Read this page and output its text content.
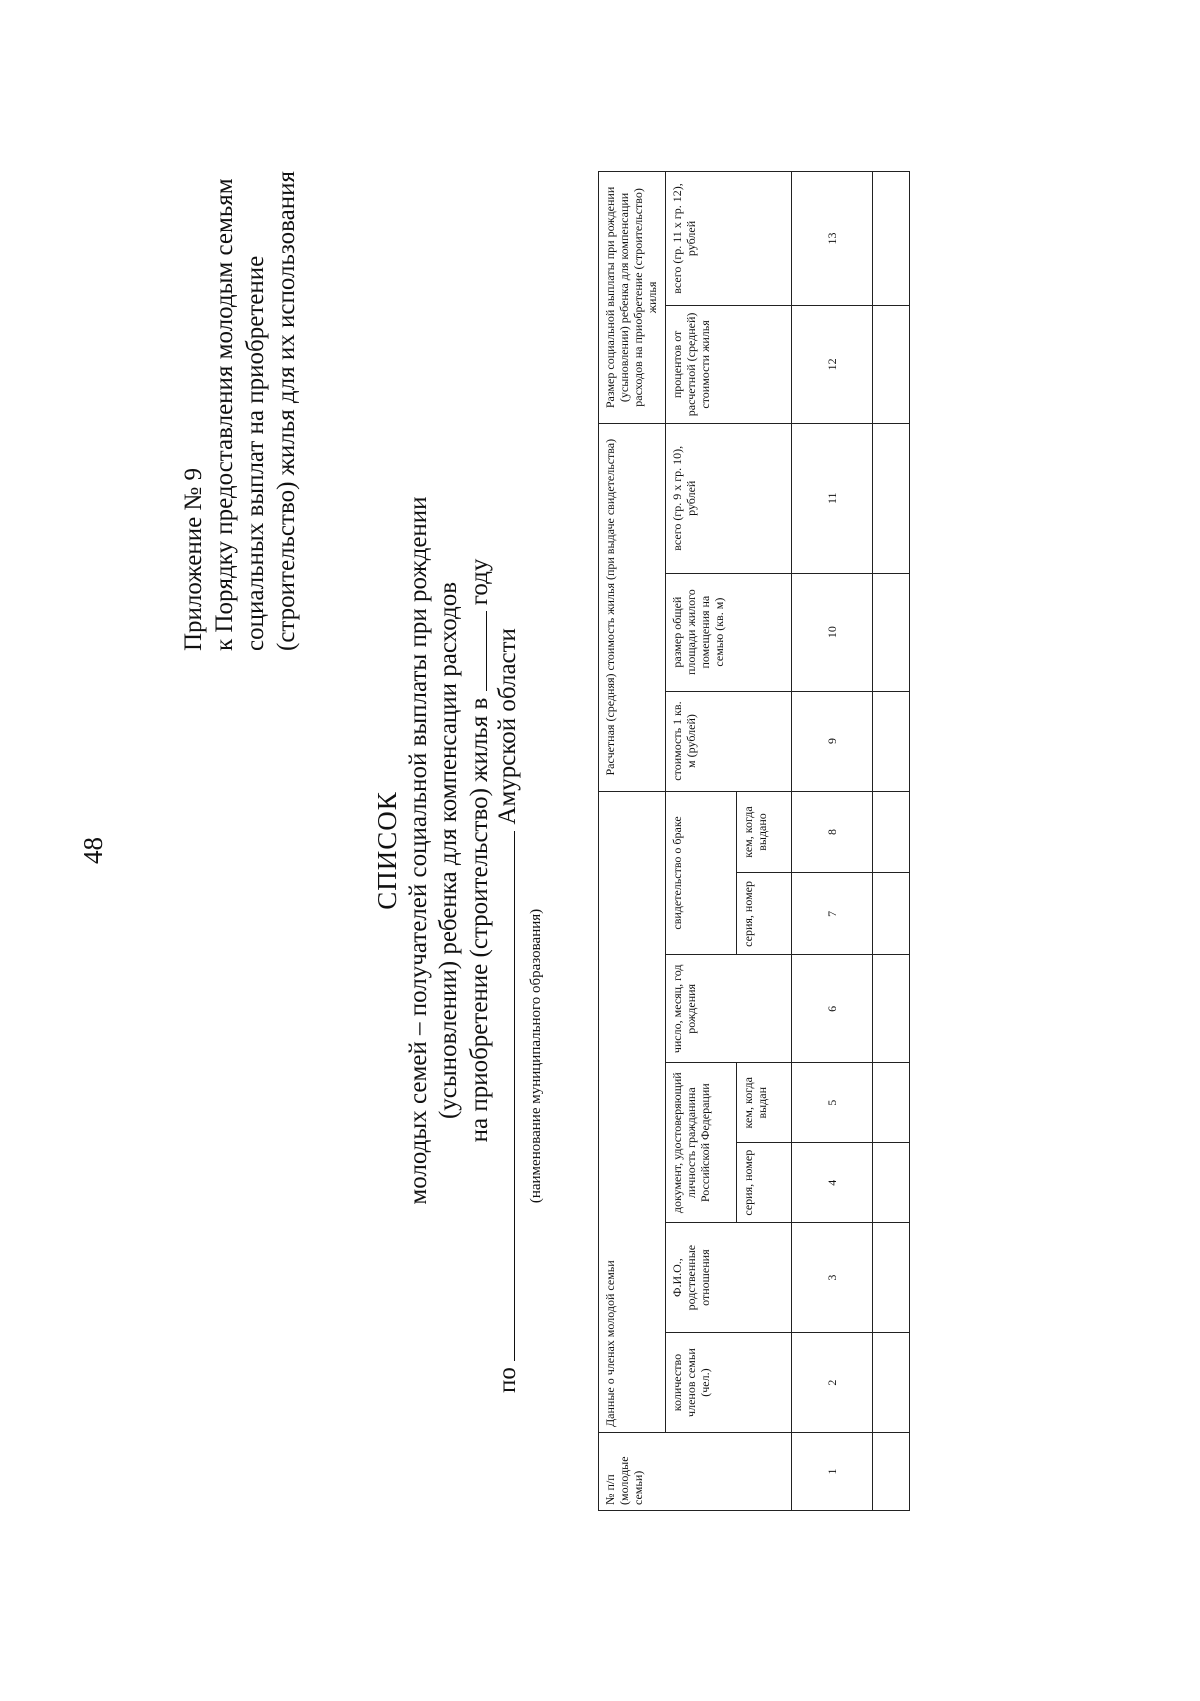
48
Приложение № 9 к Порядку предоставления молодым семьям социальных выплат на приобретение (строительство) жилья для их использования
СПИСОК молодых семей – получателей социальной выплаты при рождении (усыновлении) ребенка для компенсации расходов на приобретение (строительство) жилья в  году
по  Амурской области
(наименование муниципального образования)
№ п/п (молодые семьи)	Данные о членах молодой семьи							Расчетная (средняя) стоимость жилья (при выдаче свидетельства)			Размер социальной выплаты при рождении (усыновлении) ребенка для компенсации расходов на приобретение (строительство) жилья	
	количество членов семьи (чел.)	Ф.И.О., родственные отношения	документ, удостоверяющий личность гражданина Российской Федерации		число, месяц, год рождения	свидетельство о браке		стоимость 1 кв. м (рублей)	размер общей площади жилого помещения на семью (кв. м)	всего (гр. 9 х гр. 10), рублей	процентов от расчетной (средней) стоимости жилья	всего (гр. 11 х гр. 12), рублей
			серия, номер	кем, когда выдан		серия, номер	кем, когда выдано					
1	2	3	4	5	6	7	8	9	10	11	12	13
